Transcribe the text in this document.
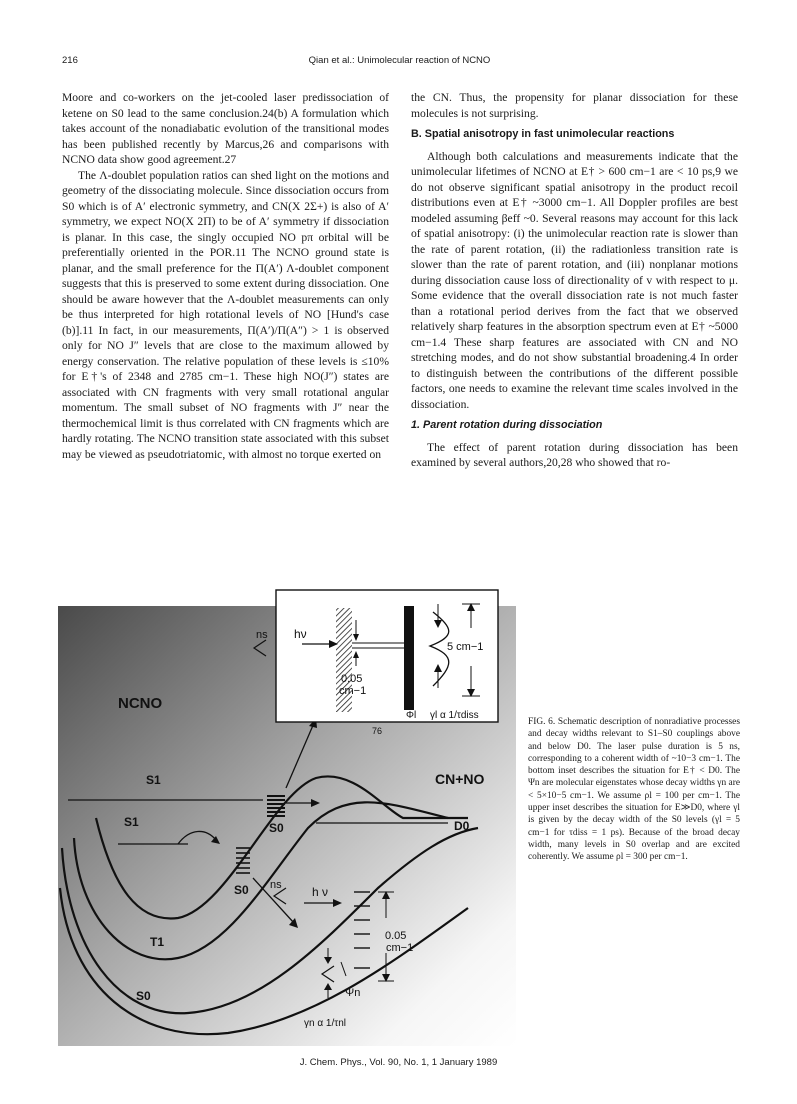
216	Qian et al.: Unimolecular reaction of NCNO

Moore and co-workers on the jet-cooled laser predissociation of ketene on S0 lead to the same conclusion.24(b) A formulation which takes account of the nonadiabatic evolution of the transitional modes has been published recently by Marcus,26 and comparisons with NCNO data show good agreement.27

The Λ-doublet population ratios can shed light on the motions and geometry of the dissociating molecule. Since dissociation occurs from S0 which is of A′ electronic symmetry, and CN(X 2Σ+) is also of A′ symmetry, we expect NO(X 2Π) to be of A′ symmetry if dissociation is planar. In this case, the singly occupied NO pπ orbital will be preferentially oriented in the POR.11 The NCNO ground state is planar, and the small preference for the Π(A′) Λ-doublet component suggests that this is preserved to some extent during dissociation. One should be aware however that the Λ-doublet measurements can only be thus interpreted for high rotational levels of NO [Hund's case (b)].11 In fact, in our measurements, Π(A′)/Π(A″) > 1 is observed only for NO J″ levels that are close to the maximum allowed by energy conservation. The relative population of these levels is ≤10% for E†'s of 2348 and 2785 cm−1. These high NO(J″) states are associated with CN fragments with very small rotational angular momentum. The small subset of NO fragments with J″ near the thermochemical limit is thus correlated with CN fragments which are hardly rotating. The NCNO transition state associated with this subset may be viewed as pseudotriatomic, with almost no torque exerted on

the CN. Thus, the propensity for planar dissociation for these molecules is not surprising.

B. Spatial anisotropy in fast unimolecular reactions

Although both calculations and measurements indicate that the unimolecular lifetimes of NCNO at E† > 600 cm−1 are < 10 ps,9 we do not observe significant spatial anisotropy in the product recoil distributions even at E† ~3000 cm−1. All Doppler profiles are best modeled assuming βeff ~0. Several reasons may account for this lack of spatial anisotropy: (i) the unimolecular reaction rate is slower than the rate of parent rotation, (ii) the radiationless transition rate is slower than the rate of parent rotation, and (iii) nonplanar motions during dissociation cause loss of directionality of v with respect to μ. Some evidence that the overall dissociation rate is not much faster than a rotational period derives from the fact that we observed relatively sharp features in the absorption spectrum even at E† ~5000 cm−1.4 These sharp features are associated with CN and NO stretching modes, and do not show substantial broadening.4 In order to distinguish between the contributions of the different possible factors, one needs to examine the relevant time scales involved in the dissociation.

1. Parent rotation during dissociation

The effect of parent rotation during dissociation has been examined by several authors,20,28 who showed that ro-

ns hν
0.05
cm−1
5 cm−1
Φl γl α 1/τdiss
76
ns	h ν
0.05
cm−1
Ψn
γn α 1/τnl
NCNO
CN+NO
D0
S1
S1
T1
S0
S0
S0
FIG. 6. Schematic description of nonradiative processes and decay widths relevant to S1–S0 couplings above and below D0. The laser pulse duration is 5 ns, corresponding to a coherent width of ~10−3 cm−1. The bottom inset describes the situation for E† < D0. The Ψn are molecular eigenstates whose decay widths γn are < 5×10−5 cm−1. We assume ρl = 100 per cm−1. The upper inset describes the situation for E≫D0, where γl is given by the decay width of the S0 levels (γl = 5 cm−1 for τdiss = 1 ps). Because of the broad decay width, many levels in S0 overlap and are excited coherently. We assume ρl = 300 per cm−1.
J. Chem. Phys., Vol. 90, No. 1, 1 January 1989
